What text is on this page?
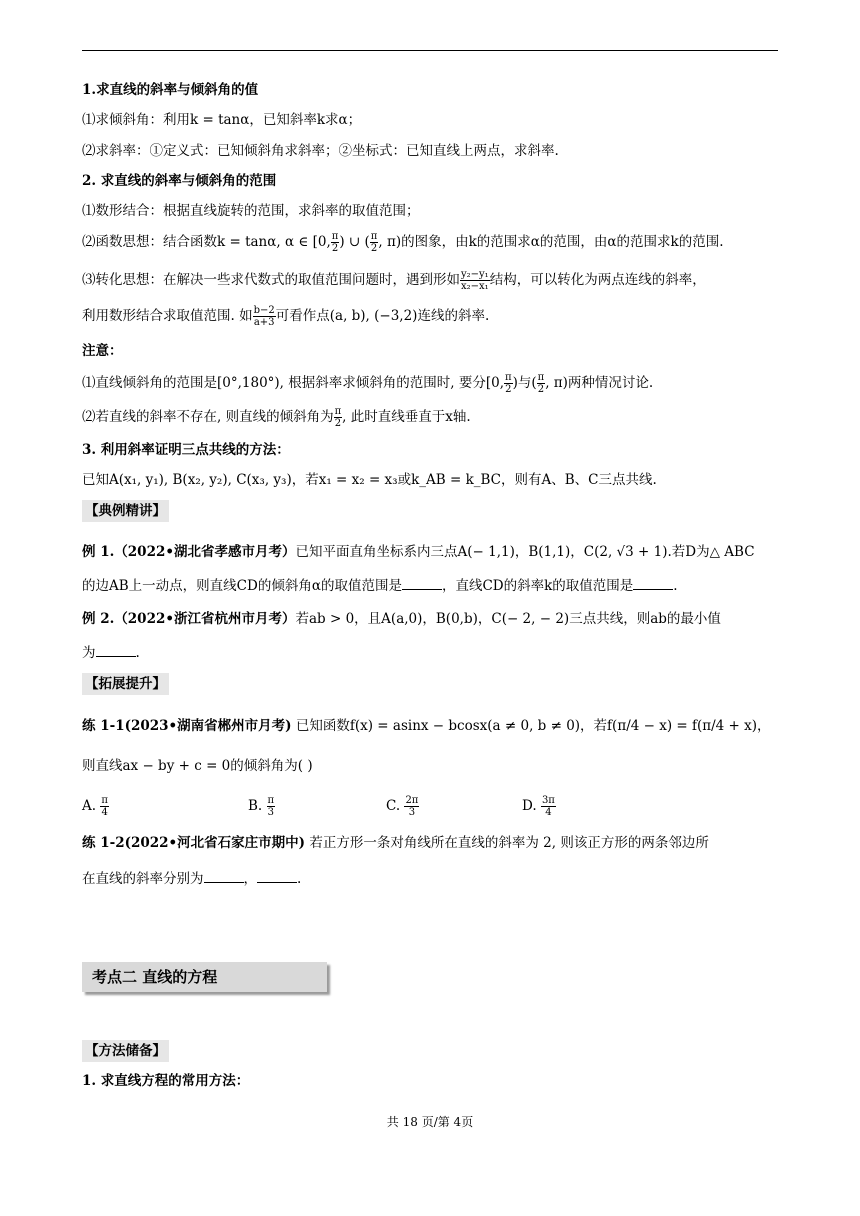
1.求直线的斜率与倾斜角的值
⑴求倾斜角：利用k = tanα，已知斜率k求α；
⑵求斜率：①定义式：已知倾斜角求斜率；②坐标式：已知直线上两点，求斜率.
2. 求直线的斜率与倾斜角的范围
⑴数形结合：根据直线旋转的范围，求斜率的取值范围；
⑵函数思想：结合函数k = tanα, α ∈ [0, $\frac{\pi}{2}$ ) ∪ ( $\frac{\pi}{2}$ , π)的图象，由k的范围求α的范围，由α的范围求k的范围.
⑶转化思想：在解决一些求代数式的取值范围问题时，遇到形如 $\frac{\text{y₂−y₁}}{\text{x₂−x₁}}$ 结构，可以转化为两点连线的斜率，
利用数形结合求取值范围. 如 $\frac{b-2}{a+3}$ 可看作点(a, b), (−3,2)连线的斜率.
注意：
⑴直线倾斜角的范围是[0°,180°), 根据斜率求倾斜角的范围时, 要分[0, $\frac{\pi}{2}$ )与( $\frac{\pi}{2}$ , π)两种情况讨论.
⑵若直线的斜率不存在, 则直线的倾斜角为 $\frac{\pi}{2}$ , 此时直线垂直于x轴.
3. 利用斜率证明三点共线的方法：
已知A(x₁, y₁), B(x₂, y₂), C(x₃, y₃)，若x₁ = x₂ = x₃或k_AB = k_BC，则有A、B、C三点共线.
【典例精讲】
例 1.（2022•湖北省孝感市月考）已知平面直角坐标系内三点A(− 1,1)，B(1,1)，C(2, √3 + 1).若D为△ ABC
的边AB上一动点，则直线CD的倾斜角α的取值范围是	，直线CD的斜率k的取值范围是	.
例 2.（2022•浙江省杭州市月考）若ab > 0，且A(a,0)，B(0,b)，C(− 2, − 2)三点共线，则ab的最小值
为	.
【拓展提升】
练 1-1(2023•湖南省郴州市月考) 已知函数f(x) = asinx − bcosx(a ≠ 0, b ≠ 0)，若f(π/4 − x) = f(π/4 + x)，
则直线ax − by + c = 0的倾斜角为( )
A. $\frac{\pi}{4}$	B. $\frac{\pi}{3}$	C. $\frac{2\pi}{3}$	D. $\frac{3\pi}{4}$
练 1-2(2022•河北省石家庄市期中) 若正方形一条对角线所在直线的斜率为 2, 则该正方形的两条邻边所
在直线的斜率分别为	，	.
考点二 直线的方程
【方法储备】
1. 求直线方程的常用方法：
共 18 页/第 4页
